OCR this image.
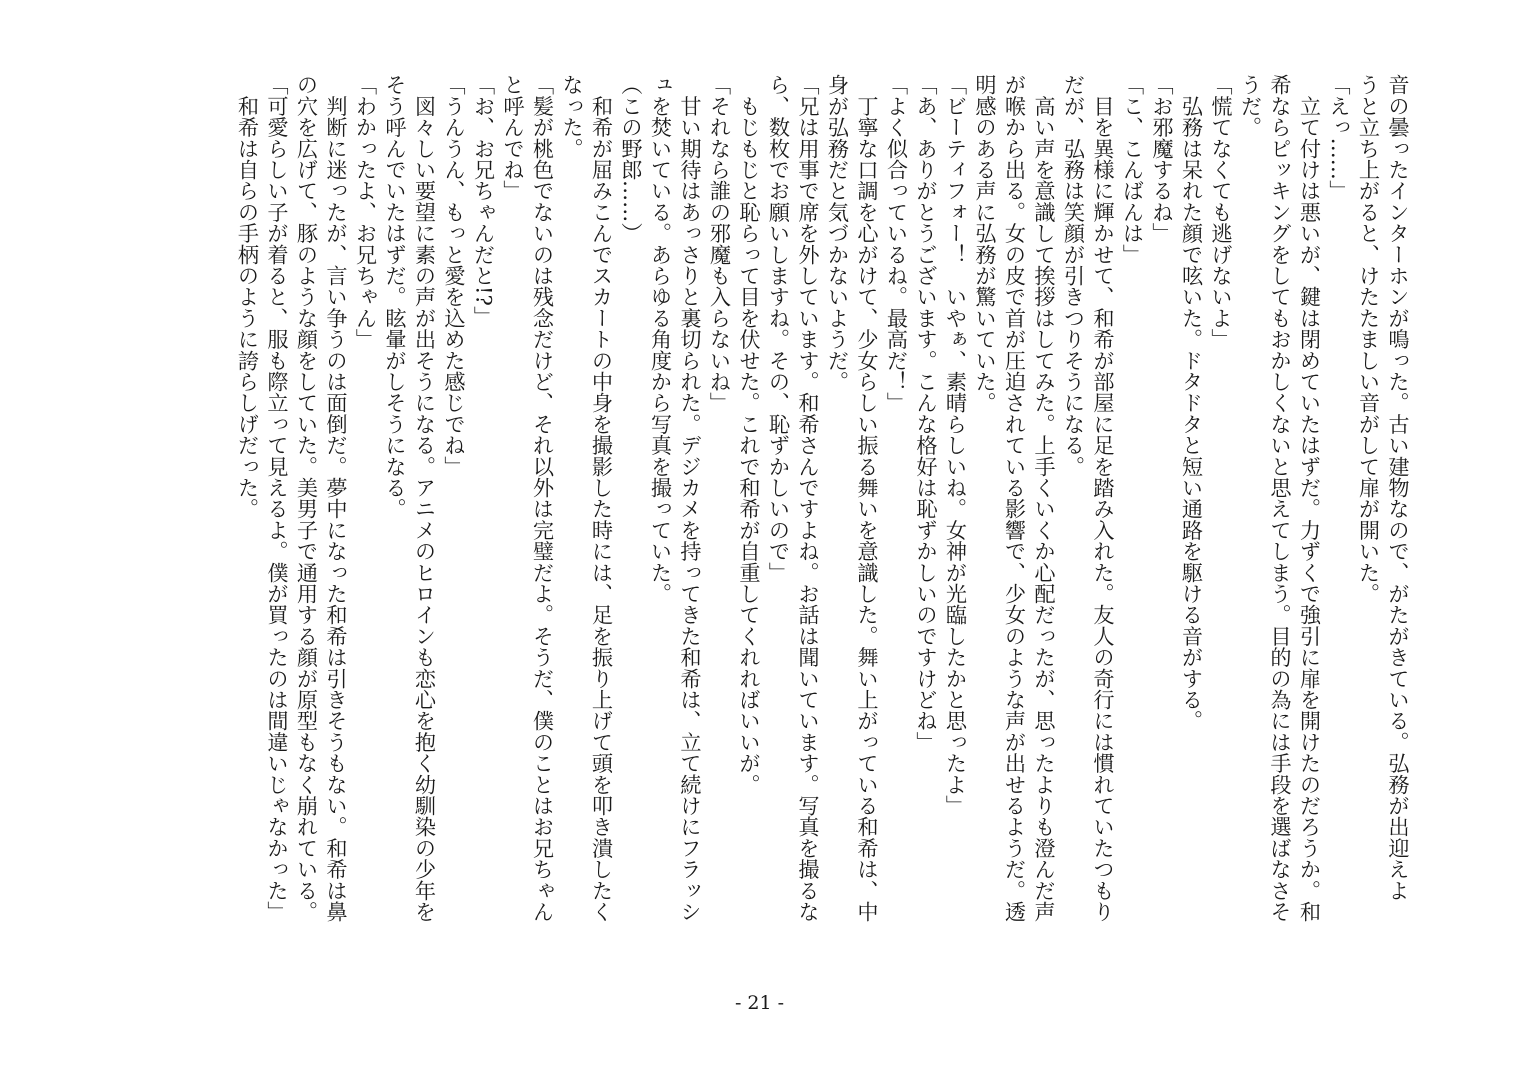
音の曇ったインターホンが鳴った。古い建物なので、がたがきている。弘務が出迎えよ

うと立ち上がると、けたたましい音がして扉が開いた。

「えっ……」

　立て付けは悪いが、鍵は閉めていたはずだ。力ずくで強引に扉を開けたのだろうか。和

希ならピッキングをしてもおかしくないと思えてしまう。目的の為には手段を選ばなさそ

うだ。

「慌てなくても逃げないよ」

　弘務は呆れた顔で呟いた。ドタドタと短い通路を駆ける音がする。

「お邪魔するね」

「こ、こんばんは」

　目を異様に輝かせて、和希が部屋に足を踏み入れた。友人の奇行には慣れていたつもり

だが、弘務は笑顔が引きつりそうになる。

　高い声を意識して挨拶はしてみた。上手くいくか心配だったが、思ったよりも澄んだ声

が喉から出る。女の皮で首が圧迫されている影響で、少女のような声が出せるようだ。透

明感のある声に弘務が驚いていた。

「ビーティフォー！　いやぁ、素晴らしいね。女神が光臨したかと思ったよ」

「あ、ありがとうございます。こんな格好は恥ずかしいのですけどね」

「よく似合っているね。最高だ！」

　丁寧な口調を心がけて、少女らしい振る舞いを意識した。舞い上がっている和希は、中

身が弘務だと気づかないようだ。

「兄は用事で席を外しています。和希さんですよね。お話は聞いています。写真を撮るな

ら、数枚でお願いしますね。その、恥ずかしいので」

　もじもじと恥らって目を伏せた。これで和希が自重してくれればいいが。

「それなら誰の邪魔も入らないね」

　甘い期待はあっさりと裏切られた。デジカメを持ってきた和希は、立て続けにフラッシ

ュを焚いている。あらゆる角度から写真を撮っていた。

（この野郎……）

　和希が屈みこんでスカートの中身を撮影した時には、足を振り上げて頭を叩き潰したく

なった。

「髪が桃色でないのは残念だけど、それ以外は完璧だよ。そうだ、僕のことはお兄ちゃん

と呼んでね」

「お、お兄ちゃんだと!?」

「うんうん、もっと愛を込めた感じでね」

　図々しい要望に素の声が出そうになる。アニメのヒロインも恋心を抱く幼馴染の少年を

そう呼んでいたはずだ。眩暈がしそうになる。

「わかったよ、お兄ちゃん」

　判断に迷ったが、言い争うのは面倒だ。夢中になった和希は引きそうもない。和希は鼻

の穴を広げて、豚のような顔をしていた。美男子で通用する顔が原型もなく崩れている。

「可愛らしい子が着ると、服も際立って見えるよ。僕が買ったのは間違いじゃなかった」

　和希は自らの手柄のように誇らしげだった。

- 21 -
